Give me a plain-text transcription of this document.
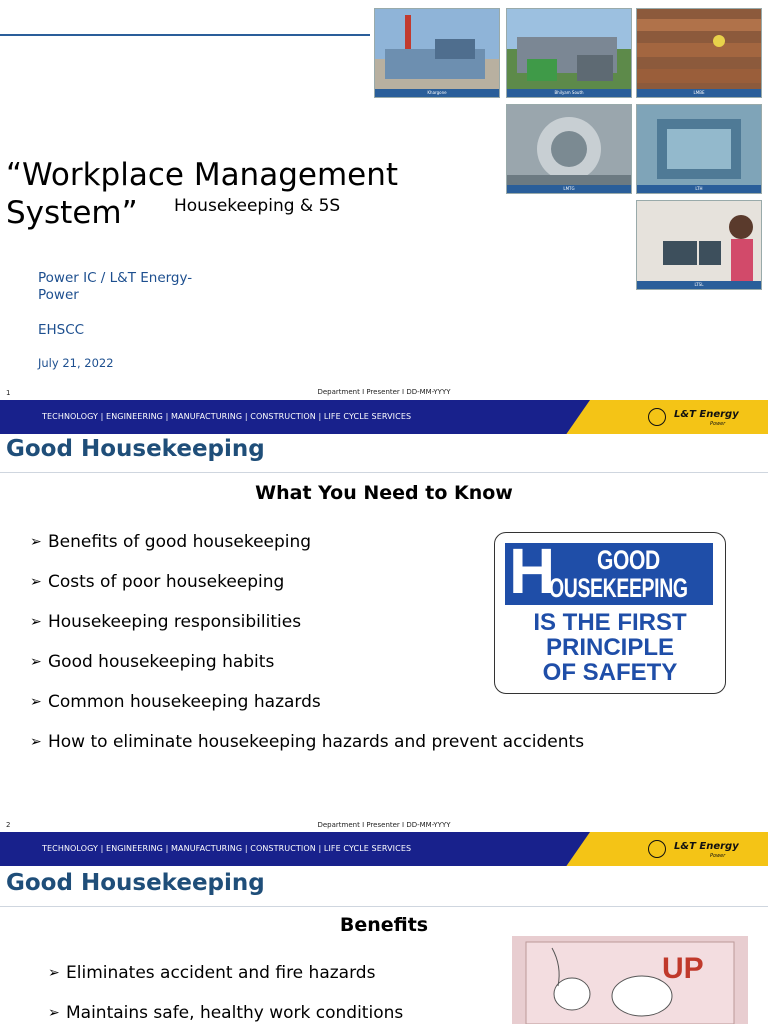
Khargone	Bhilyam South	LMBE
LMTG	LTH
LTSL
“Workplace Management System”	Housekeeping & 5S
Power IC / L&T Energy-Power
EHSCC
July 21, 2022
1	Department I Presenter I DD-MM-YYYY
TECHNOLOGY | ENGINEERING | MANUFACTURING | CONSTRUCTION | LIFE CYCLE SERVICES	L&T Energy
Power
Good Housekeeping
What You Need to Know
➢ Benefits of good housekeeping
➢ Costs of poor housekeeping
➢ Housekeeping responsibilities
➢ Good housekeeping habits
➢ Common housekeeping hazards
➢ How to eliminate housekeeping hazards and prevent accidents
2	Department I Presenter I DD-MM-YYYY
H GOOD
OUSEKEEPING
IS THE FIRST
PRINCIPLE
OF SAFETY
TECHNOLOGY | ENGINEERING | MANUFACTURING | CONSTRUCTION | LIFE CYCLE SERVICES	L&T Energy
Power
Good Housekeeping
Benefits
➢ Eliminates accident and fire hazards
➢ Maintains safe, healthy work conditions
UP
